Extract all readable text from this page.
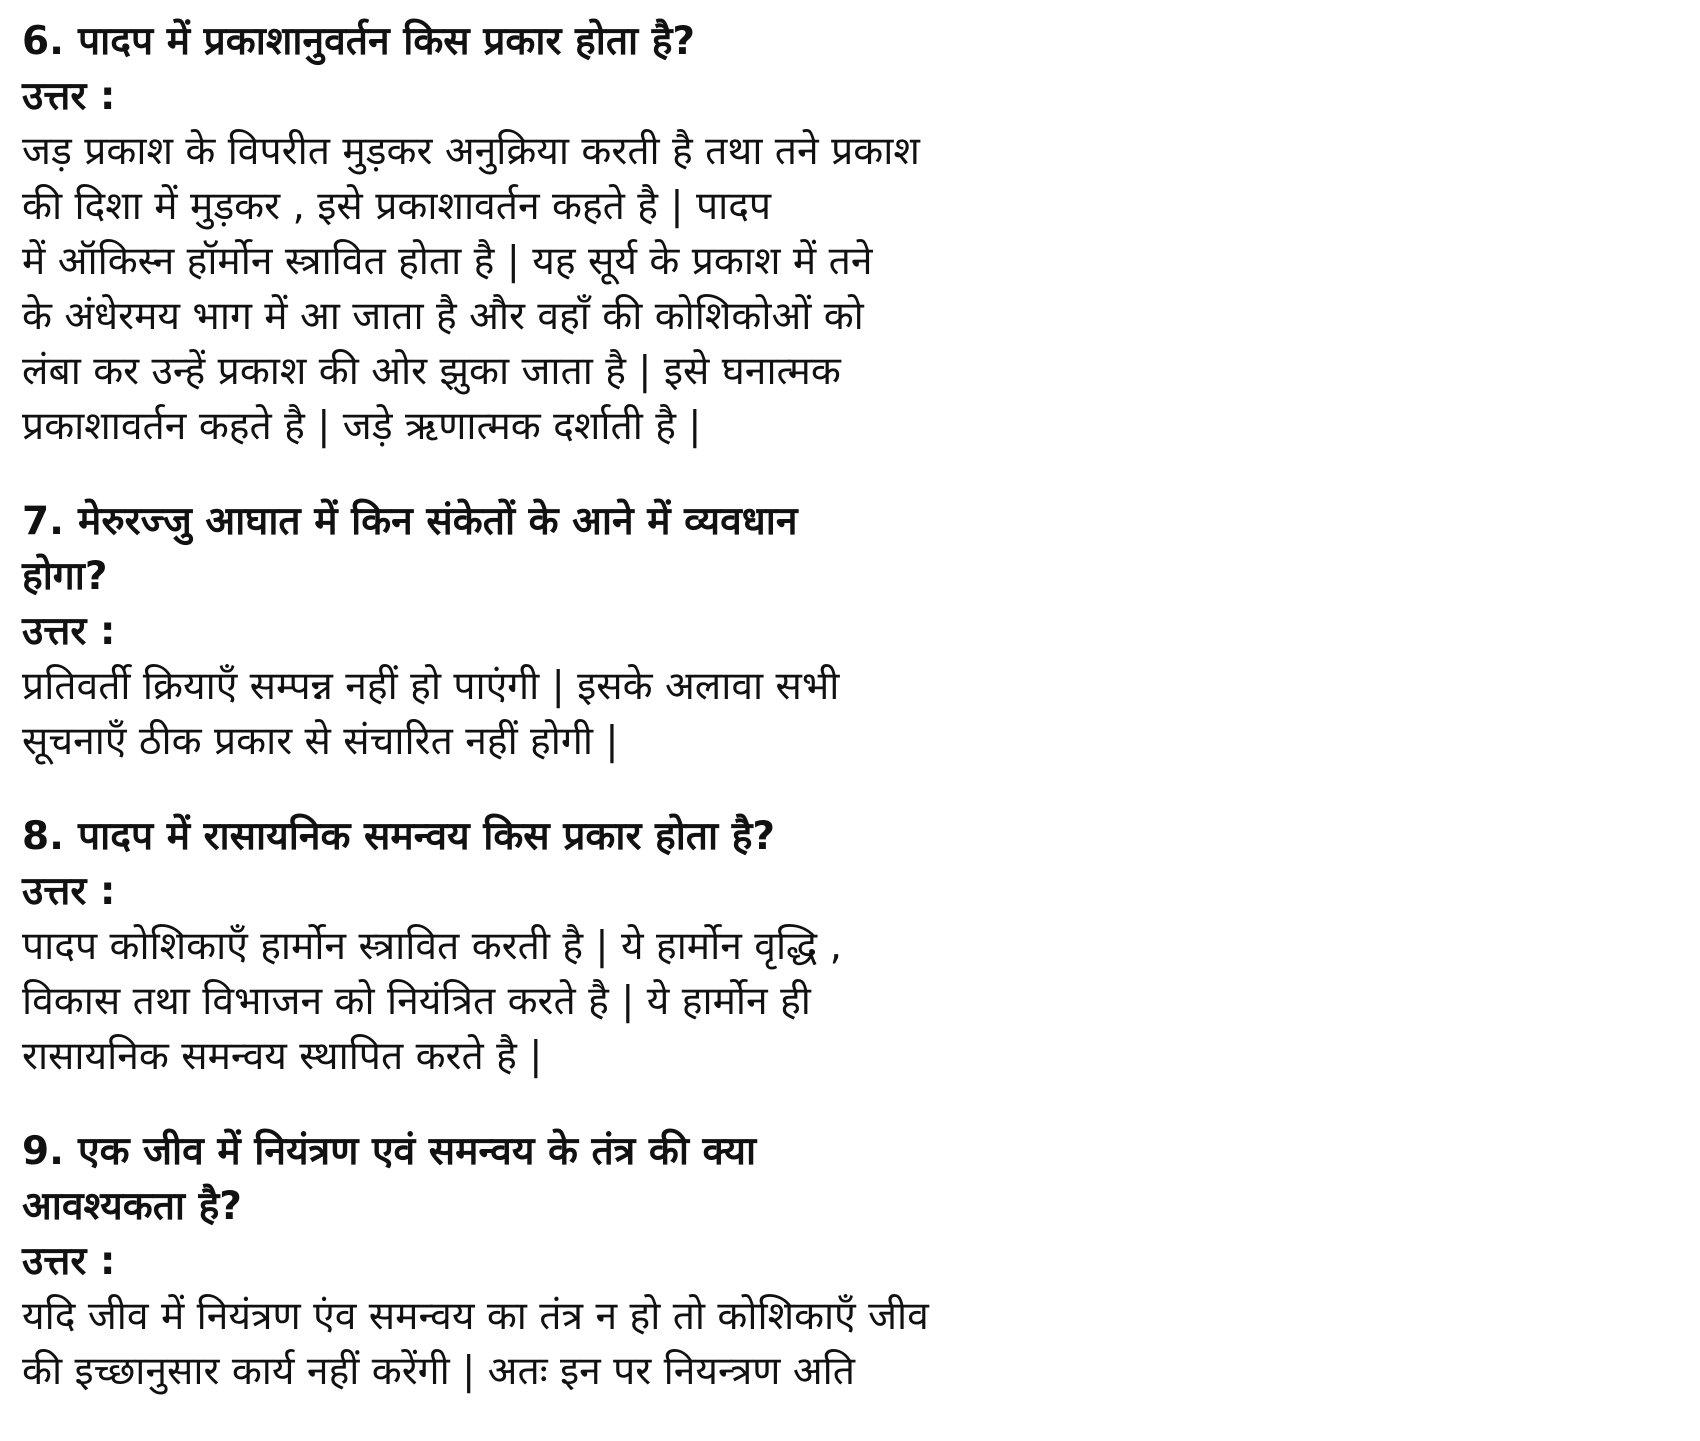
6. पादप में प्रकाशानुवर्तन किस प्रकार होता है?
उत्तर :
जड़ प्रकाश के विपरीत मुड़कर अनुक्रिया करती है तथा तने प्रकाश
की दिशा में मुड़कर , इसे प्रकाशावर्तन कहते है | पादप
में ऑकिस्न हॉर्मोन स्त्रावित होता है | यह सूर्य के प्रकाश में तने
के अंधेरमय भाग में आ जाता है और वहाँ की कोशिकोओं को
लंबा कर उन्हें प्रकाश की ओर झुका जाता है | इसे घनात्मक
प्रकाशावर्तन कहते है | जड़े ऋणात्मक दर्शाती है |
7. मेरुरज्जु आघात में किन संकेतों के आने में व्यवधान
होगा?
उत्तर :
प्रतिवर्ती क्रियाएँ सम्पन्न नहीं हो पाएंगी | इसके अलावा सभी
सूचनाएँ ठीक प्रकार से संचारित नहीं होगी |
8. पादप में रासायनिक समन्वय किस प्रकार होता है?
उत्तर :
पादप कोशिकाएँ हार्मोन स्त्रावित करती है | ये हार्मोन वृद्धि ,
विकास तथा विभाजन को नियंत्रित करते है | ये हार्मोन ही
रासायनिक समन्वय स्थापित करते है |
9. एक जीव में नियंत्रण एवं समन्वय के तंत्र की क्या
आवश्यकता है?
उत्तर :
यदि जीव में नियंत्रण एंव समन्वय का तंत्र न हो तो कोशिकाएँ जीव
की इच्छानुसार कार्य नहीं करेंगी | अतः इन पर नियन्त्रण अति
